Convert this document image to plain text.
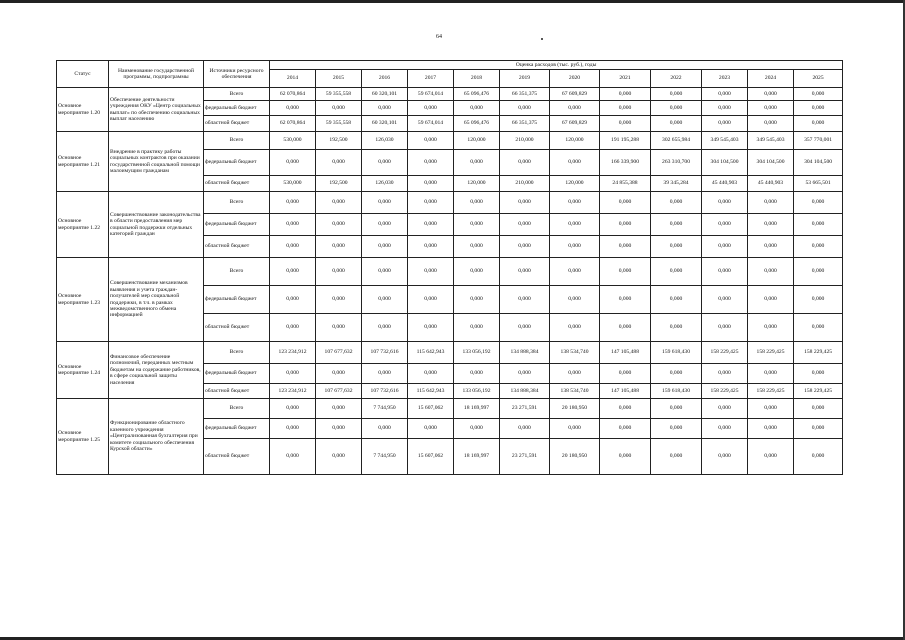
64
Статус	Наименование государственной программы, подпрограммы	Источники ресурсного обеспечения	Оценка расходов (тыс. руб.), годы											
			2014	2015	2016	2017	2018	2019	2020	2021	2022	2023	2024	2025
Основное мероприятие 1.20	Обеспечение деятельности учреждения ОКУ «Центр социальных выплат» по обеспечению социальных выплат населению	Всего	62 070,864	59 355,558	60 320,101	59 674,014	65 096,476	66 351,375	67 609,829	0,000	0,000	0,000	0,000	0,000
		федеральный бюджет	0,000	0,000	0,000	0,000	0,000	0,000	0,000	0,000	0,000	0,000	0,000	0,000
		областной бюджет	62 070,864	59 355,558	60 320,101	59 674,014	65 096,476	66 351,375	67 609,829	0,000	0,000	0,000	0,000	0,000
Основное мероприятие 1.21	Внедрение в практику работы социальных контрактов при оказании государственной социальной помощи малоимущим гражданам	Всего	530,000	192,500	126,030	0,000	120,000	210,000	120,000	191 195,288	302 655,984	349 545,403	349 545,403	357 770,001
		федеральный бюджет	0,000	0,000	0,000	0,000	0,000	0,000	0,000	166 339,900	263 310,700	304 104,500	304 104,500	304 104,500
		областной бюджет	530,000	192,500	126,030	0,000	120,000	210,000	120,000	24 855,388	39 345,284	45 440,903	45 440,903	53 665,501
Основное мероприятие 1.22	Совершенствование законодательства в области предоставления мер социальной поддержки отдельных категорий граждан	Всего	0,000	0,000	0,000	0,000	0,000	0,000	0,000	0,000	0,000	0,000	0,000	0,000
		федеральный бюджет	0,000	0,000	0,000	0,000	0,000	0,000	0,000	0,000	0,000	0,000	0,000	0,000
		областной бюджет	0,000	0,000	0,000	0,000	0,000	0,000	0,000	0,000	0,000	0,000	0,000	0,000
Основное мероприятие 1.23	Совершенствование механизмов выявления и учета граждан-получателей мер социальной поддержки, в т.ч. в рамках межведомственного обмена информацией	Всего	0,000	0,000	0,000	0,000	0,000	0,000	0,000	0,000	0,000	0,000	0,000	0,000
		федеральный бюджет	0,000	0,000	0,000	0,000	0,000	0,000	0,000	0,000	0,000	0,000	0,000	0,000
		областной бюджет	0,000	0,000	0,000	0,000	0,000	0,000	0,000	0,000	0,000	0,000	0,000	0,000
Основное мероприятие 1.24	Финансовое обеспечение полномочий, переданных местным бюджетам на содержание работников, в сфере социальной защиты населения	Всего	123 234,912	107 677,632	107 732,616	115 642,943	133 056,192	134 888,384	138 534,740	147 105,488	159 618,430	158 229,425	158 229,425	158 229,425
		федеральный бюджет	0,000	0,000	0,000	0,000	0,000	0,000	0,000	0,000	0,000	0,000	0,000	0,000
		областной бюджет	123 234,912	107 677,632	107 732,616	115 642,943	133 056,192	134 888,384	138 534,740	147 105,488	159 618,430	158 229,425	158 229,425	158 229,425
Основное мероприятие 1.25	Функционирование областного казенного учреждения «Централизованная бухгалтерия при комитете социального обеспечения Курской области»	Всего	0,000	0,000	7 744,950	15 607,062	18 169,997	23 271,591	20 180,950	0,000	0,000	0,000	0,000	0,000
		федеральный бюджет	0,000	0,000	0,000	0,000	0,000	0,000	0,000	0,000	0,000	0,000	0,000	0,000
		областной бюджет	0,000	0,000	7 744,950	15 607,062	18 169,997	23 271,591	20 180,950	0,000	0,000	0,000	0,000	0,000
